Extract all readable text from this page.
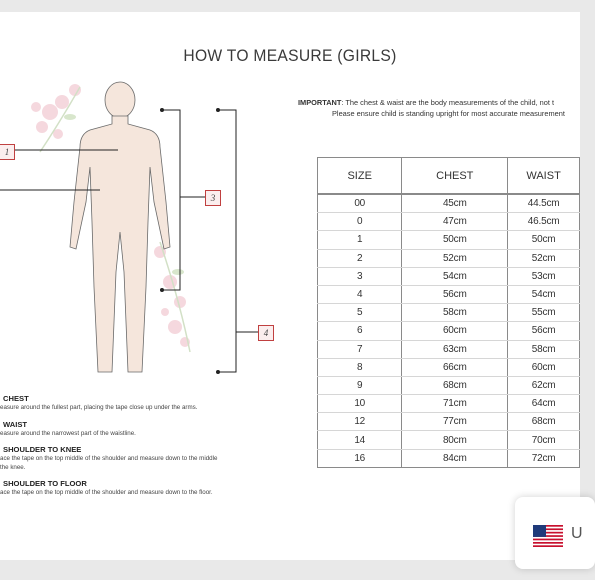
HOW TO MEASURE (GIRLS)
IMPORTANT: The chest & waist are the body measurements of the child, not t
Please ensure child is standing upright for most accurate measurement
1
3
4
CHEST
easure around the fullest part, placing the tape close up under the arms.
WAIST
easure around the narrowest part of the waistline.
SHOULDER TO KNEE
ace the tape on the top middle of the shoulder and measure down to the middle
the knee.
SHOULDER TO FLOOR
ace the tape on the top middle of the shoulder and measure down to the floor.
SIZE	CHEST	WAIST
00	45cm	44.5cm
0	47cm	46.5cm
1	50cm	50cm
2	52cm	52cm
3	54cm	53cm
4	56cm	54cm
5	58cm	55cm
6	60cm	56cm
7	63cm	58cm
8	66cm	60cm
9	68cm	62cm
10	71cm	64cm
12	77cm	68cm
14	80cm	70cm
16	84cm	72cm
U
